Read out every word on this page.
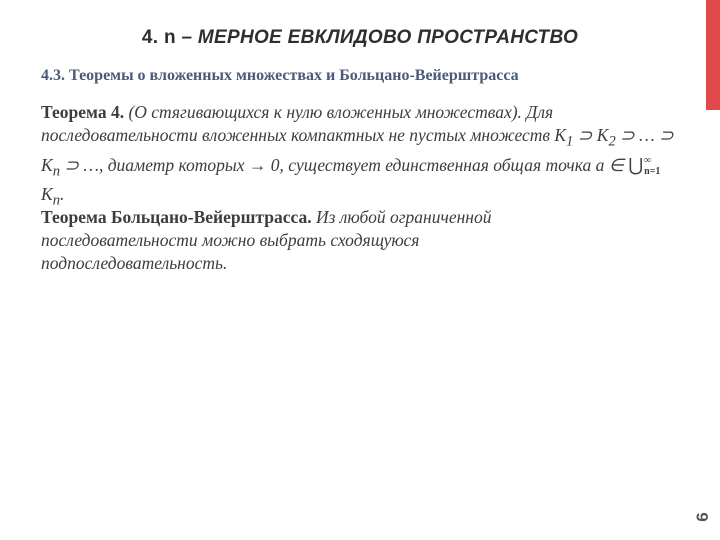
4. n – МЕРНОЕ ЕВКЛИДОВО ПРОСТРАНСТВО
4.3. Теоремы о вложенных множествах и Больцано-Вейерштрасса

Теорема 4. (О стягивающихся к нулю вложенных множествах). Для последовательности вложенных компактных не пустых множеств $K_1$ ⊃ $K_2$ ⊃ … ⊃ $K_n$ ⊃ …, диаметр которых → 0, существует единственная общая точка a ∈ ⋃ ∞
n=1
$K_n$.

Теорема Больцано-Вейерштрасса. Из любой ограниченной последовательности можно выбрать сходящуюся подпоследовательность.

6
